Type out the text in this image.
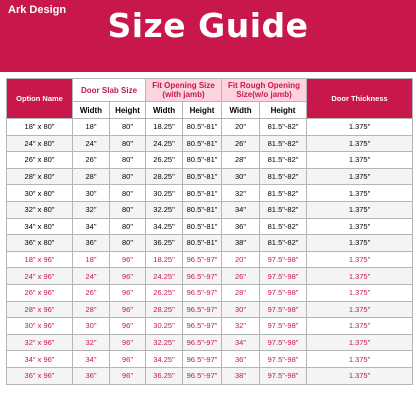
Ark Design	Size Guide
Option Name	Door Slab Size		Fit Opening Size (with jamb)		Fit Rough Opening Size(w/o jamb)		Door Thickness
	Width	Height	Width	Height	Width	Height	
18" x 80"	18"	80"	18.25"	80.5"-81"	20"	81.5"-82"	1.375"
24" x 80"	24"	80"	24.25"	80.5"-81"	26"	81.5"-82"	1.375"
26" x 80"	26"	80"	26.25"	80.5"-81"	28"	81.5"-82"	1.375"
28" x 80"	28"	80"	28.25"	80.5"-81"	30"	81.5"-82"	1.375"
30" x 80"	30"	80"	30.25"	80.5"-81"	32"	81.5"-82"	1.375"
32" x 80"	32"	80"	32.25"	80.5"-81"	34"	81.5"-82"	1.375"
34" x 80"	34"	80"	34.25"	80.5"-81"	36"	81.5"-82"	1.375"
36" x 80"	36"	80"	36.25"	80.5"-81"	38"	81.5"-82"	1.375"
18" x 96"	18"	96"	18.25"	96.5"-97"	20"	97.5"-98"	1.375"
24" x 96"	24"	96"	24.25"	96.5"-97"	26"	97.5"-98"	1.375"
26" x 96"	26"	96"	26.25"	96.5"-97"	28"	97.5"-98"	1.375"
28" x 96"	28"	96"	28.25"	96.5"-97"	30"	97.5"-98"	1.375"
30" x 96"	30"	96"	30.25"	96.5"-97"	32"	97.5"-98"	1.375"
32" x 96"	32"	96"	32.25"	96.5"-97"	34"	97.5"-98"	1.375"
34" x 96"	34"	96"	34.25"	96.5"-97"	36"	97.5"-98"	1.375"
36" x 96"	36"	96"	36.25"	96.5"-97"	38"	97.5"-98"	1.375"
